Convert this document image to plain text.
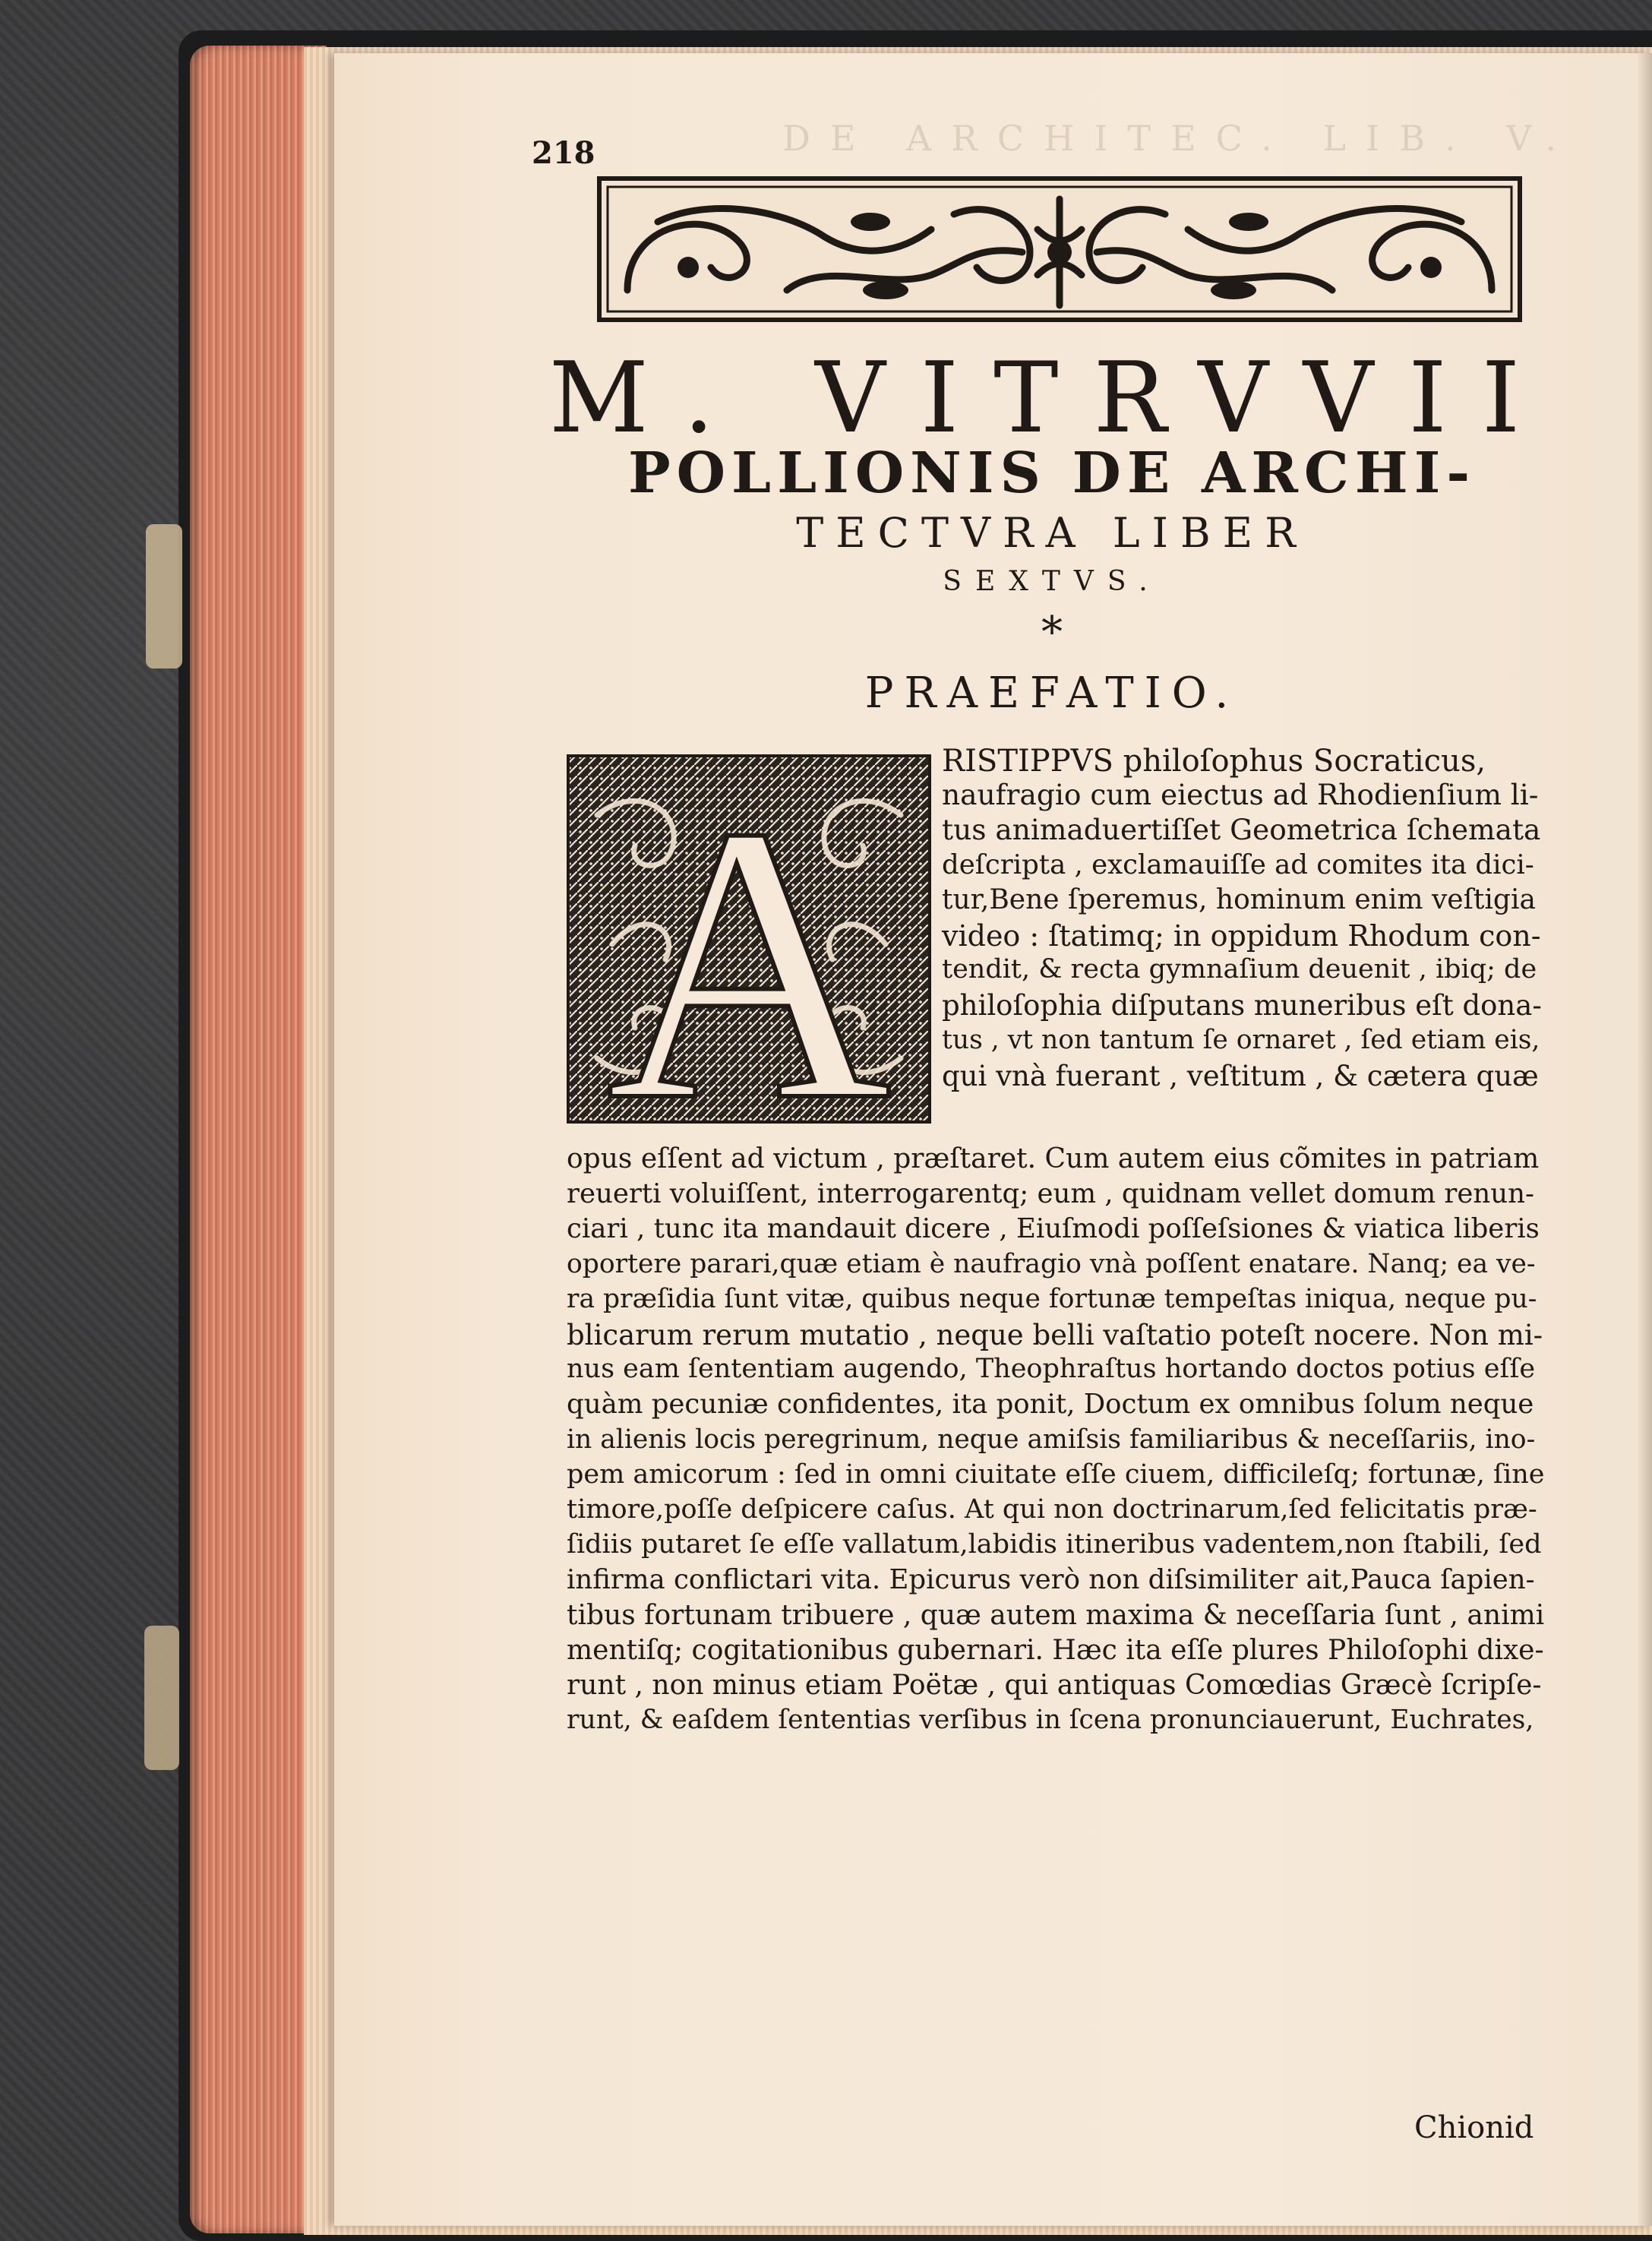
218	DE ARCHITEC. LIB. V.
M. VITRVVII
POLLIONIS DE ARCHI-
TECTVRA LIBER
SEXTVS.
*
PRAEFATIO.
A RISTIPPVS philoſophus Socraticus,
naufragio cum eiectus ad Rhodienſium li-
tus animaduertiſſet Geometrica ſchemata
deſcripta , exclamauiſſe ad comites ita dici-
tur,Bene ſperemus, hominum enim veſtigia
video : ſtatimq; in oppidum Rhodum con-
tendit, & recta gymnaſium deuenit , ibiq; de
philoſophia diſputans muneribus eſt dona-
tus , vt non tantum ſe ornaret , ſed etiam eis,
qui vnà fuerant , veſtitum , & cætera quæ
opus eſſent ad victum , præſtaret. Cum autem eius cõmites in patriam
reuerti voluiſſent, interrogarentq; eum , quidnam vellet domum renun-
ciari , tunc ita mandauit dicere , Eiuſmodi poſſeſsiones & viatica liberis
oportere parari,quæ etiam è naufragio vnà poſſent enatare. Nanq; ea ve-
ra præſidia ſunt vitæ, quibus neque fortunæ tempeſtas iniqua, neque pu-
blicarum rerum mutatio , neque belli vaſtatio poteſt nocere. Non mi-
nus eam ſententiam augendo, Theophraſtus hortando doctos potius eſſe
quàm pecuniæ confidentes, ita ponit, Doctum ex omnibus ſolum neque
in alienis locis peregrinum, neque amiſsis familiaribus & neceſſariis, ino-
pem amicorum : ſed in omni ciuitate eſſe ciuem, difficileſq; fortunæ, ſine
timore,poſſe deſpicere caſus. At qui non doctrinarum,ſed felicitatis præ-
ſidiis putaret ſe eſſe vallatum,labidis itineribus vadentem,non ſtabili, ſed
infirma conflictari vita. Epicurus verò non diſsimiliter ait,Pauca ſapien-
tibus fortunam tribuere , quæ autem maxima & neceſſaria ſunt , animi
mentiſq; cogitationibus gubernari. Hæc ita eſſe plures Philoſophi dixe-
runt , non minus etiam Poëtæ , qui antiquas Comœdias Græcè ſcripſe-
runt, & eaſdem ſententias verſibus in ſcena pronunciauerunt, Euchrates,
Chionid
